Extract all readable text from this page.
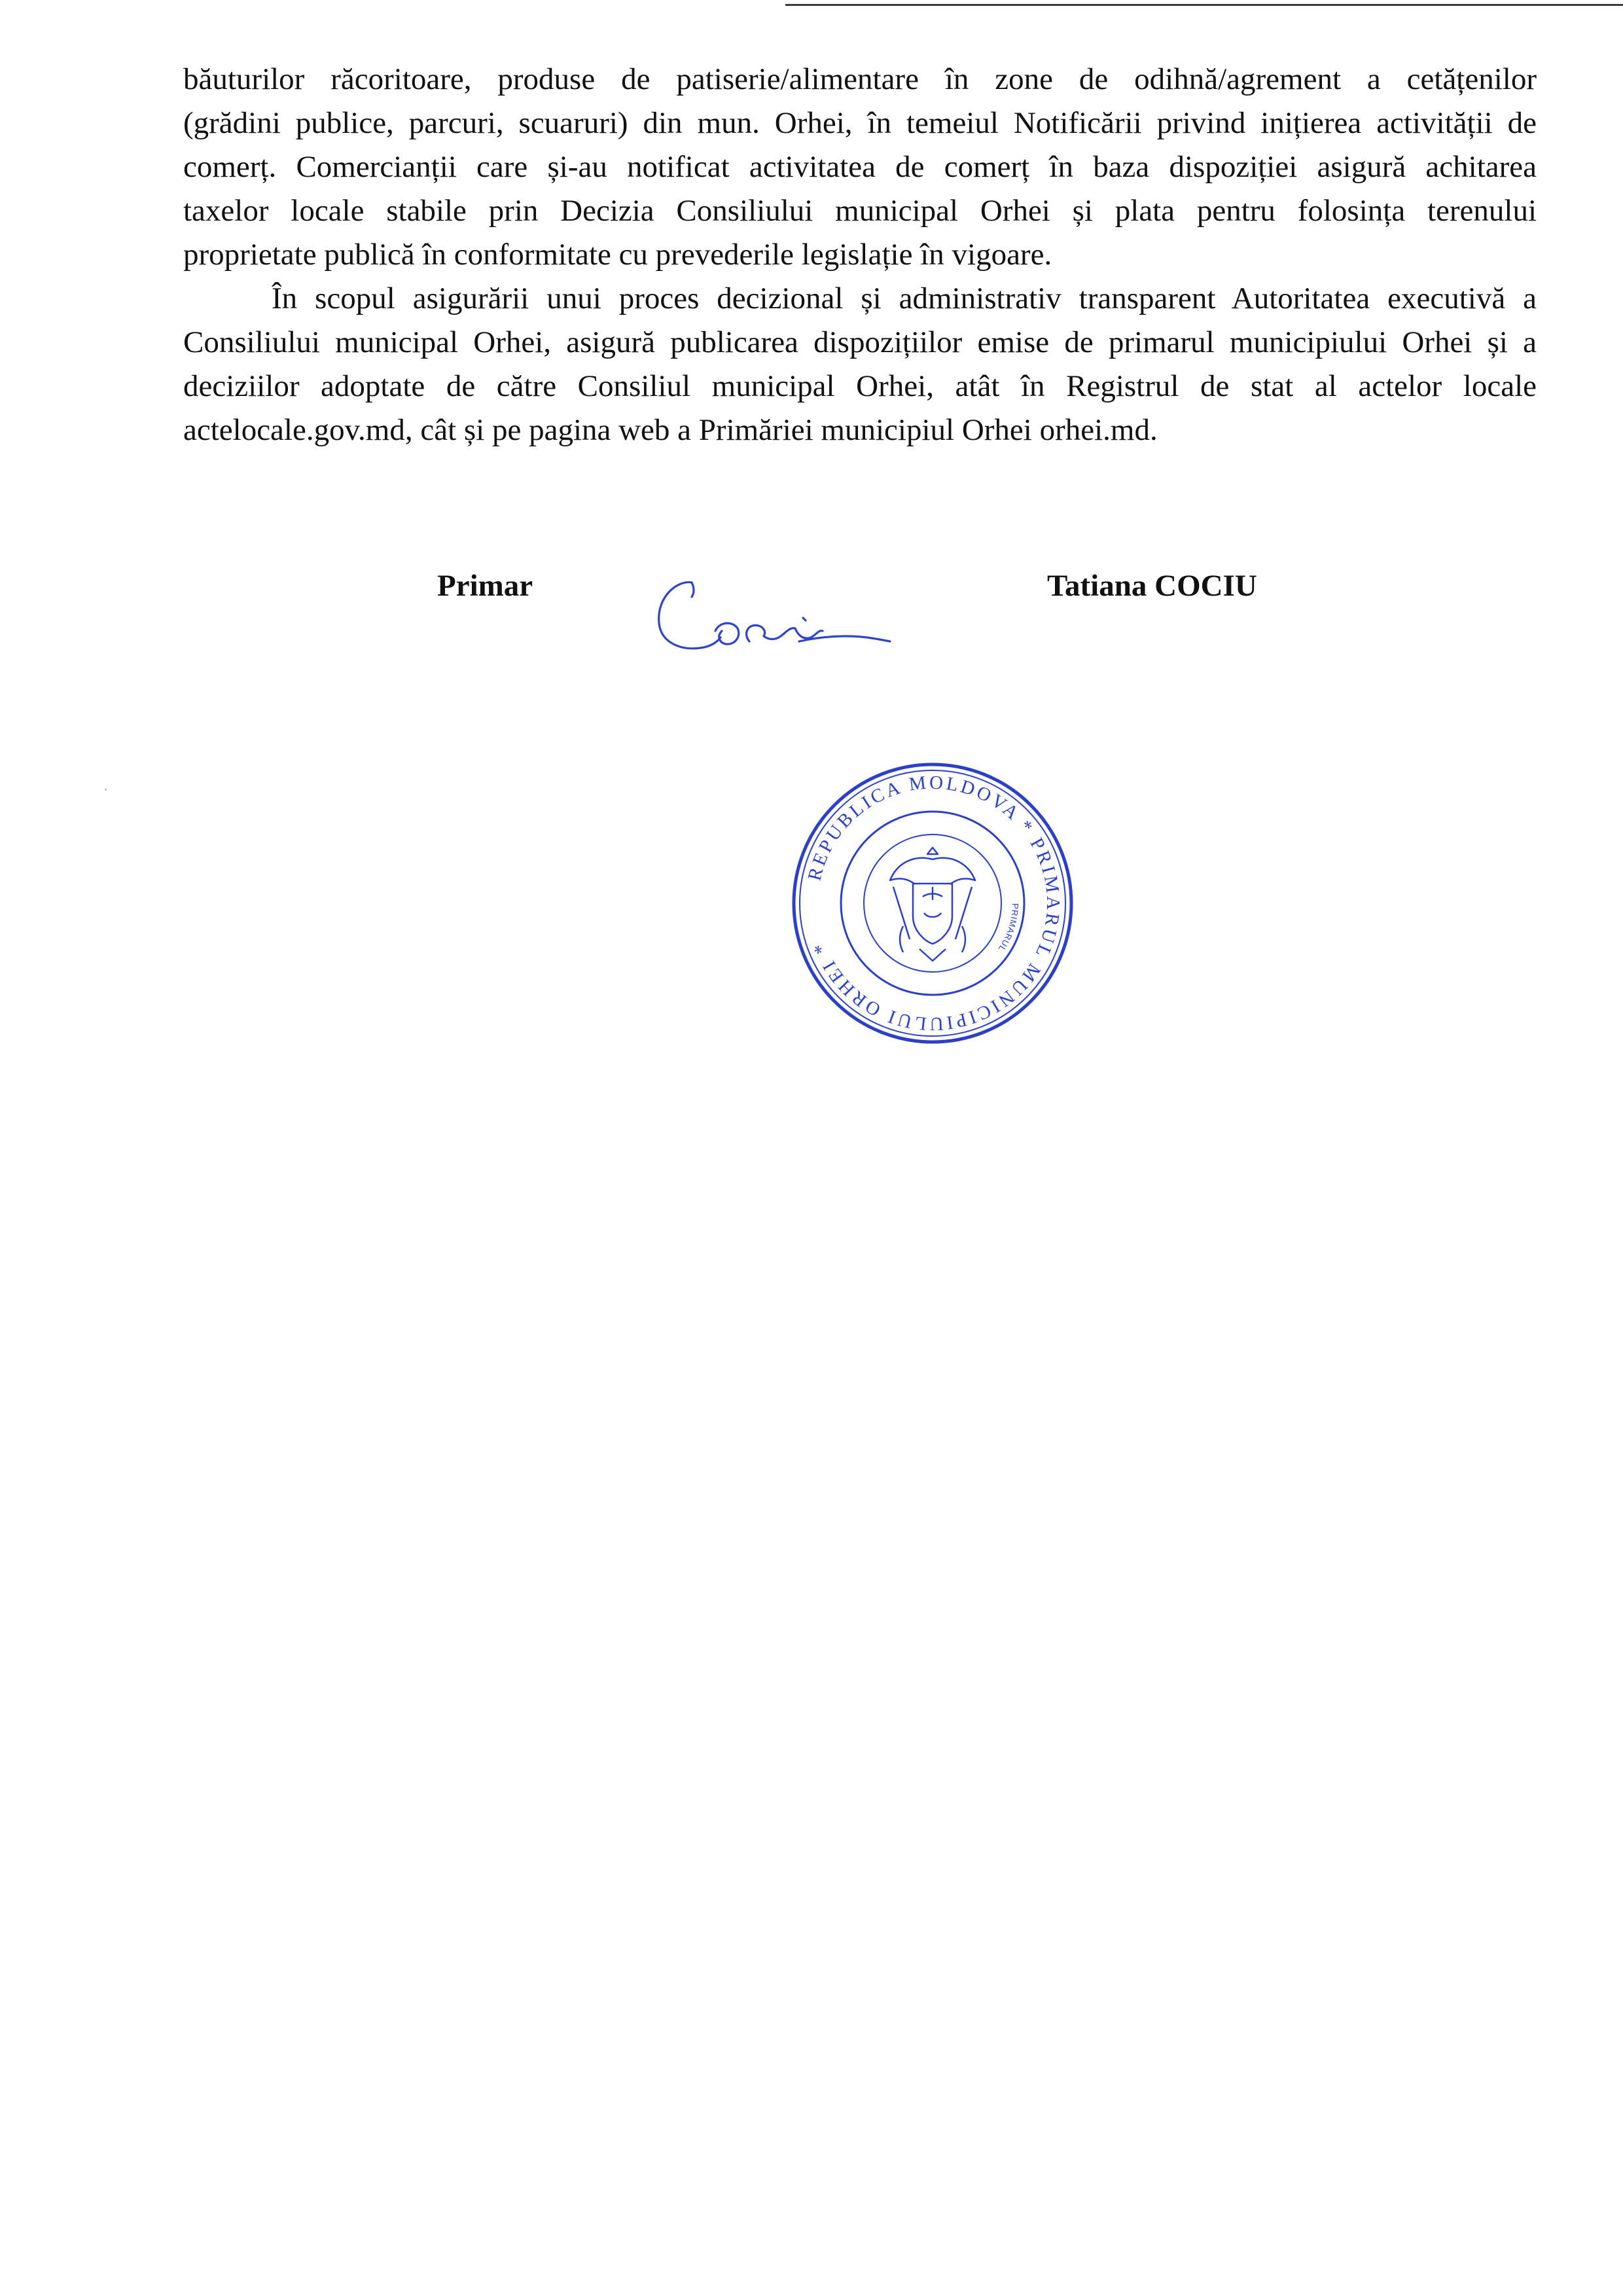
băuturilor răcoritoare, produse de patiserie/alimentare în zone de odihnă/agrement a cetățenilor
(grădini publice, parcuri, scuaruri) din mun. Orhei, în temeiul Notificării privind inițierea activității de
comerț. Comercianții care și-au notificat activitatea de comerț în baza dispoziției asigură achitarea
taxelor locale stabile prin Decizia Consiliului municipal Orhei și plata pentru folosința terenului
proprietate publică în conformitate cu prevederile legislație în vigoare.
În scopul asigurării unui proces decizional și administrativ transparent Autoritatea executivă a
Consiliului municipal Orhei, asigură publicarea dispozițiilor emise de primarul municipiului Orhei și a
deciziilor adoptate de către Consiliul municipal Orhei, atât în Registrul de stat al actelor locale
actelocale.gov.md, cât și pe pagina web a Primăriei municipiul Orhei orhei.md.
Primar	Tatiana COCIU
REPUBLICA MOLDOVA * PRIMARUL MUNICIPIULUI ORHEI *
PRIMARUL
